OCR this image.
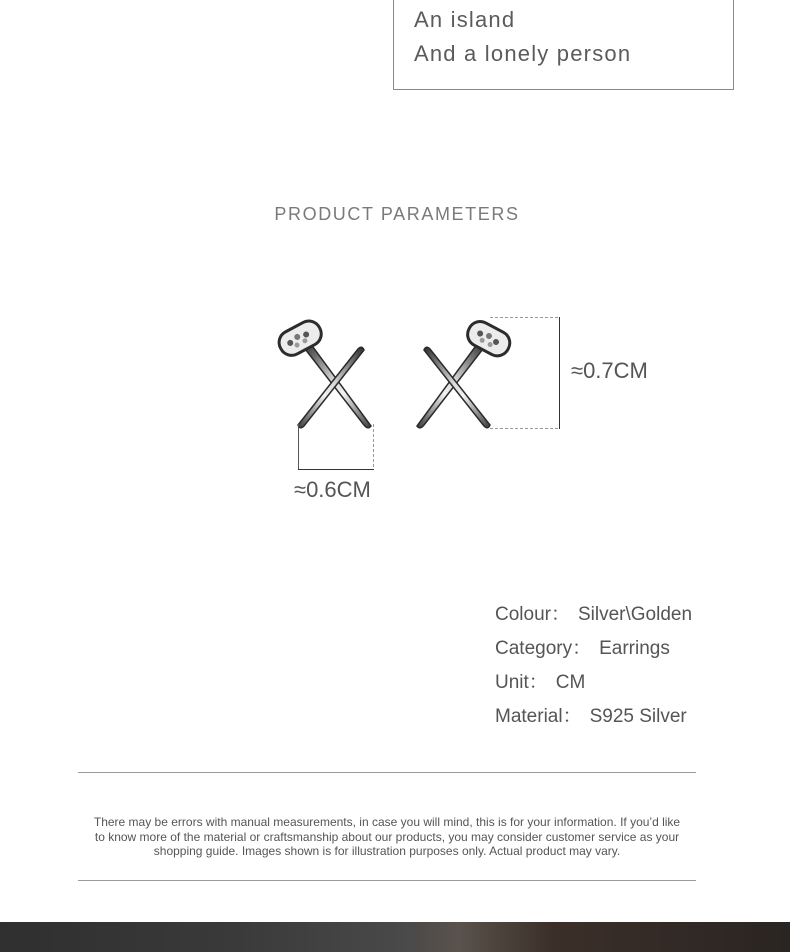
An island
And a lonely person
PRODUCT PARAMETERS
≈0.7CM
≈0.6CM
Colour： Silver\Golden
Category： Earrings
Unit： CM
Material： S925 Silver
There may be errors with manual measurements, in case you will mind, this is for your information. If you’d like to know more of the material or craftsmanship about our products, you may consider customer service as your shopping guide. Images shown is for illustration purposes only. Actual product may vary.
